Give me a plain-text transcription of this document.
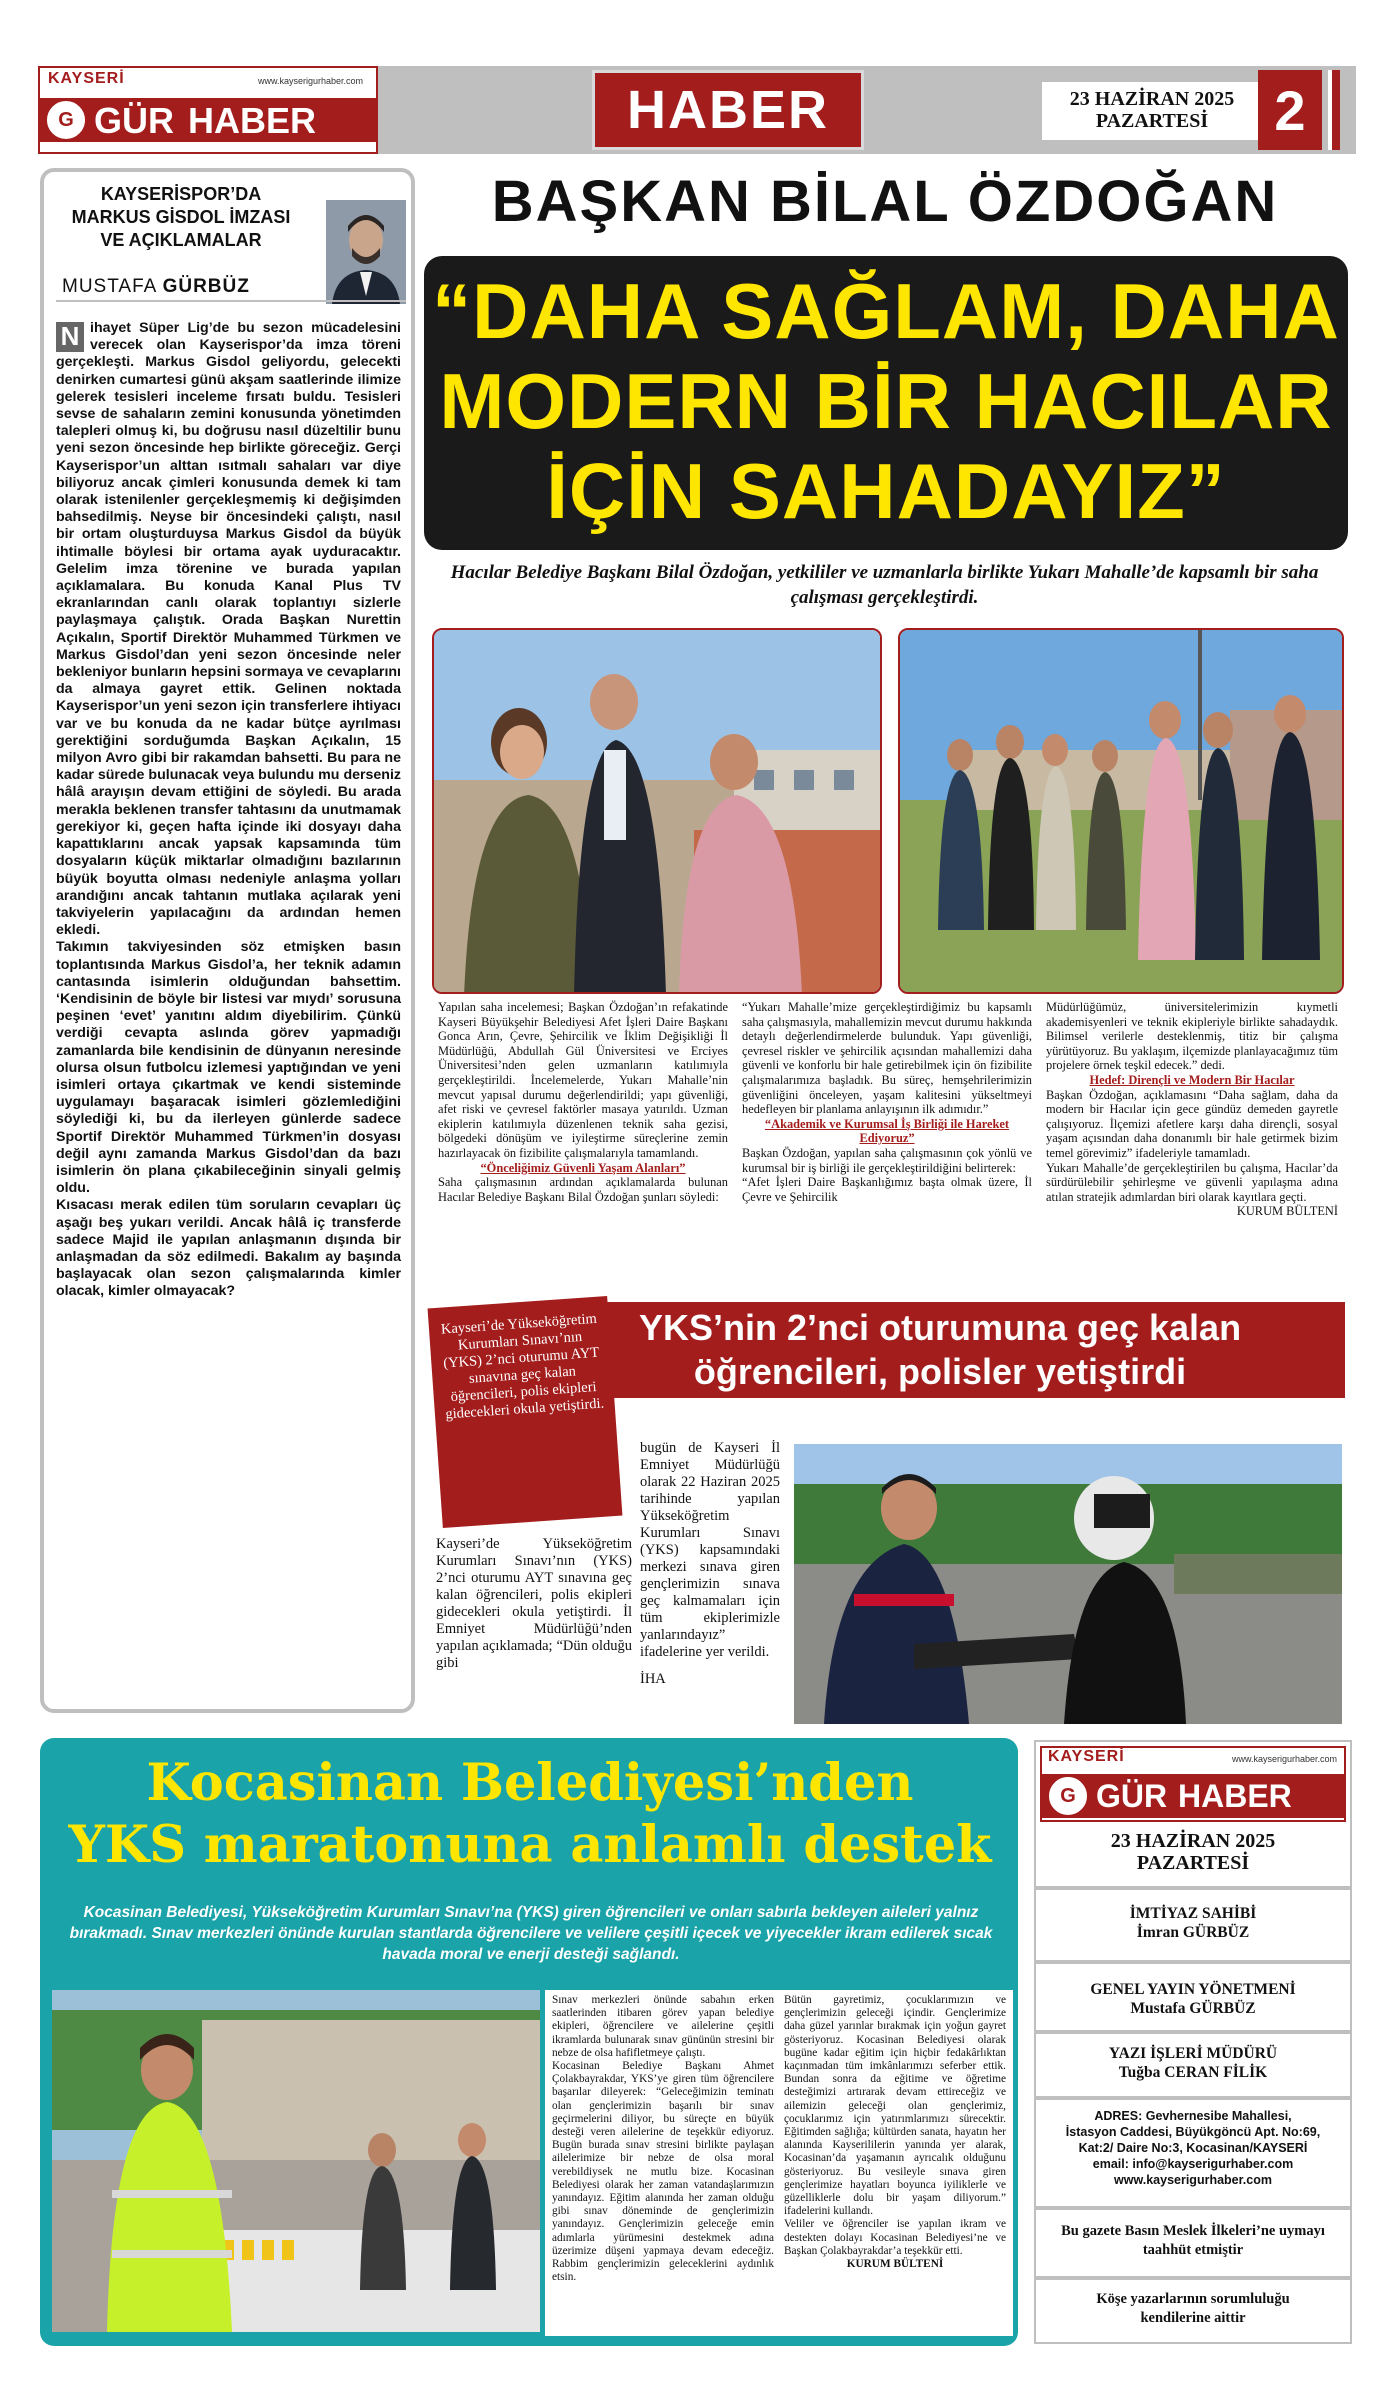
KAYSERİ	www.kayserigurhaber.com
G GÜR HABER	HABER	23 HAZİRAN 2025
PAZARTESİ	2
KAYSERİSPOR’DA
MARKUS GİSDOL İMZASI
VE AÇIKLAMALAR
MUSTAFA GÜRBÜZ
N ihayet Süper Lig’de bu sezon mücadelesini verecek olan Kayserispor’da imza töreni gerçekleşti. Markus Gisdol geliyordu, gelecekti denirken cumartesi günü akşam saatlerinde ilimize gelerek tesisleri inceleme fırsatı buldu. Tesisleri sevse de sahaların zemini konusunda yönetimden talepleri olmuş ki, bu doğrusu nasıl düzeltilir bunu yeni sezon öncesinde hep birlikte göreceğiz. Gerçi Kayserispor’un alttan ısıtmalı sahaları var diye biliyoruz ancak çimleri konusunda demek ki tam olarak istenilenler gerçekleşmemiş ki değişimden bahsedilmiş. Neyse bir öncesindeki çalıştı, nasıl bir ortam oluşturduysa Markus Gisdol da büyük ihtimalle böylesi bir ortama ayak uyduracaktır. Gelelim imza törenine ve burada yapılan açıklamalara. Bu konuda Kanal Plus TV ekranlarından canlı olarak toplantıyı sizlerle paylaşmaya çalıştık. Orada Başkan Nurettin Açıkalın, Sportif Direktör Muhammed Türkmen ve Markus Gisdol’dan yeni sezon öncesinde neler bekleniyor bunların hepsini sormaya ve cevaplarını da almaya gayret ettik. Gelinen noktada Kayserispor’un yeni sezon için transferlere ihtiyacı var ve bu konuda da ne kadar bütçe ayrılması gerektiğini sorduğumda Başkan Açıkalın, 15 milyon Avro gibi bir rakamdan bahsetti. Bu para ne kadar sürede bulunacak veya bulundu mu derseniz hâlâ arayışın devam ettiğini de söyledi. Bu arada merakla beklenen transfer tahtasını da unutmamak gerekiyor ki, geçen hafta içinde iki dosyayı daha kapattıklarını ancak yapsak kapsamında tüm dosyaların küçük miktarlar olmadığını bazılarının büyük boyutta olması nedeniyle anlaşma yolları arandığını ancak tahtanın mutlaka açılarak yeni takviyelerin yapılacağını da ardından hemen ekledi.
Takımın takviyesinden söz etmişken basın toplantısında Markus Gisdol’a, her teknik adamın cantasında isimlerin olduğundan bahsettim. ‘Kendisinin de böyle bir listesi var mıydı’ sorusuna peşinen ‘evet’ yanıtını aldım diyebilirim. Çünkü verdiği cevapta aslında görev yapmadığı zamanlarda bile kendisinin de dünyanın neresinde olursa olsun futbolcu izlemesi yaptığından ve yeni isimleri ortaya çıkartmak ve kendi sisteminde uygulamayı başaracak isimleri gözlemlediğini söylediği ki, bu da ilerleyen günlerde sadece Sportif Direktör Muhammed Türkmen’in dosyası değil aynı zamanda Markus Gisdol’dan da bazı isimlerin ön plana çıkabileceğinin sinyali gelmiş oldu.
Kısacası merak edilen tüm soruların cevapları üç aşağı beş yukarı verildi. Ancak hâlâ iç transferde sadece Majid ile yapılan anlaşmanın dışında bir anlaşmadan da söz edilmedi. Bakalım ay başında başlayacak olan sezon çalışmalarında kimler olacak, kimler olmayacak?
BAŞKAN BİLAL ÖZDOĞAN
“DAHA SAĞLAM, DAHA
MODERN BİR HACILAR
İÇİN SAHADAYIZ”
Hacılar Belediye Başkanı Bilal Özdoğan, yetkililer ve uzmanlarla birlikte Yukarı Mahalle’de kapsamlı bir saha çalışması gerçekleştirdi.
Yapılan saha incelemesi; Başkan Özdoğan’ın refakatinde Kayseri Büyükşehir Belediyesi Afet İşleri Daire Başkanı Gonca Arın, Çevre, Şehircilik ve İklim Değişikliği İl Müdürlüğü, Abdullah Gül Üniversitesi ve Erciyes Üniversitesi’nden gelen uzmanların katılımıyla gerçekleştirildi. İncelemelerde, Yukarı Mahalle’nin mevcut yapısal durumu değerlendirildi; yapı güvenliği, afet riski ve çevresel faktörler masaya yatırıldı. Uzman ekiplerin katılımıyla düzenlenen teknik saha gezisi, bölgedeki dönüşüm ve iyileştirme süreçlerine zemin hazırlayacak ön fizibilite çalışmalarıyla tamamlandı.
“Önceliğimiz Güvenli Yaşam Alanları”
Saha çalışmasının ardından açıklamalarda bulunan Hacılar Belediye Başkanı Bilal Özdoğan şunları söyledi:
“Yukarı Mahalle’mize gerçekleştirdiğimiz bu kapsamlı saha çalışmasıyla, mahallemizin mevcut durumu hakkında detaylı değerlendirmelerde bulunduk. Yapı güvenliği, çevresel riskler ve şehircilik açısından mahallemizi daha güvenli ve konforlu bir hale getirebilmek için ön fizibilite çalışmalarımıza başladık. Bu süreç, hemşehrilerimizin güvenliğini önceleyen, yaşam kalitesini yükseltmeyi hedefleyen bir planlama anlayışının ilk adımıdır.”
“Akademik ve Kurumsal İş Birliği ile Hareket Ediyoruz”
Başkan Özdoğan, yapılan saha çalışmasının çok yönlü ve kurumsal bir iş birliği ile gerçekleştirildiğini belirterek:
“Afet İşleri Daire Başkanlığımız başta olmak üzere, İl Çevre ve Şehircilik
Müdürlüğümüz, üniversitelerimizin kıymetli akademisyenleri ve teknik ekipleriyle birlikte sahadaydık. Bilimsel verilerle desteklenmiş, titiz bir çalışma yürütüyoruz. Bu yaklaşım, ilçemizde planlayacağımız tüm projelere örnek teşkil edecek.” dedi.
Hedef: Dirençli ve Modern Bir Hacılar
Başkan Özdoğan, açıklamasını “Daha sağlam, daha da modern bir Hacılar için gece gündüz demeden gayretle çalışıyoruz. İlçemizi afetlere karşı daha dirençli, sosyal yaşam açısından daha donanımlı bir hale getirmek bizim temel görevimiz” ifadeleriyle tamamladı.
Yukarı Mahalle’de gerçekleştirilen bu çalışma, Hacılar’da sürdürülebilir şehirleşme ve güvenli yapılaşma adına atılan stratejik adımlardan biri olarak kayıtlara geçti.
KURUM BÜLTENİ
YKS’nin 2’nci oturumuna geç kalan
öğrencileri, polisler yetiştirdi
Kayseri’de Yükseköğretim Kurumları Sınavı’nın (YKS) 2’nci oturumu AYT sınavına geç kalan öğrencileri, polis ekipleri gidecekleri okula yetiştirdi.
Kayseri’de Yükseköğretim Kurumları Sınavı’nın (YKS) 2’nci oturumu AYT sınavına geç kalan öğrencileri, polis ekipleri gidecekleri okula yetiştirdi. İl Emniyet Müdürlüğü’nden yapılan açıklamada; “Dün olduğu gibi
bugün de Kayseri İl Emniyet Müdürlüğü olarak 22 Haziran 2025 tarihinde yapılan Yükseköğretim Kurumları Sınavı (YKS) kapsamındaki merkezi sınava giren gençlerimizin sınava geç kalmamaları için tüm ekiplerimizle yanlarındayız” ifadelerine yer verildi.
İHA
Kocasinan Belediyesi’nden
YKS maratonuna anlamlı destek
Kocasinan Belediyesi, Yükseköğretim Kurumları Sınavı’na (YKS) giren öğrencileri ve onları sabırla bekleyen aileleri yalnız bırakmadı. Sınav merkezleri önünde kurulan stantlarda öğrencilere ve velilere çeşitli içecek ve yiyecekler ikram edilerek sıcak havada moral ve enerji desteği sağlandı.
Sınav merkezleri önünde sabahın erken saatlerinden itibaren görev yapan belediye ekipleri, öğrencilere ve ailelerine çeşitli ikramlarda bulunarak sınav gününün stresini bir nebze de olsa hafifletmeye çalıştı.
Kocasinan Belediye Başkanı Ahmet Çolakbayrakdar, YKS’ye giren tüm öğrencilere başarılar dileyerek: “Geleceğimizin teminatı olan gençlerimizin başarılı bir sınav geçirmelerini diliyor, bu süreçte en büyük desteği veren ailelerine de teşekkür ediyoruz. Bugün burada sınav stresini birlikte paylaşan ailelerimize bir nebze de olsa moral verebildiysek ne mutlu bize. Kocasinan Belediyesi olarak her zaman vatandaşlarımızın yanındayız. Eğitim alanında her zaman olduğu gibi sınav döneminde de gençlerimizin yanındayız. Gençlerimizin geleceğe emin adımlarla yürümesini destekmek adına üzerimize düşeni yapmaya devam edeceğiz. Rabbim gençlerimizin geleceklerini aydınlık etsin.
Bütün gayretimiz, çocuklarımızın ve gençlerimizin geleceği içindir. Gençlerimize daha güzel yarınlar bırakmak için yoğun gayret gösteriyoruz. Kocasinan Belediyesi olarak bugüne kadar eğitim için hiçbir fedakârlıktan kaçınmadan tüm imkânlarımızı seferber ettik. Bundan sonra da eğitime ve öğretime desteğimizi artırarak devam ettireceğiz ve ailemizin geleceği olan gençlerimiz, çocuklarımız için yatırımlarımızı sürecektir. Eğitimden sağlığa; kültürden sanata, hayatın her alanında Kayserililerin yanında yer alarak, Kocasinan’da yaşamanın ayrıcalık olduğunu gösteriyoruz. Bu vesileyle sınava giren gençlerimize hayatları boyunca iyiliklerle ve güzelliklerle dolu bir yaşam diliyorum.” ifadelerini kullandı.
Veliler ve öğrenciler ise yapılan ikram ve destekten dolayı Kocasinan Belediyesi’ne ve Başkan Çolakbayrakdar’a teşekkür etti.
KURUM BÜLTENİ
KAYSERİ	www.kayserigurhaber.com
G GÜR HABER
23 HAZİRAN 2025
PAZARTESİ
İMTİYAZ SAHİBİ
İmran GÜRBÜZ
GENEL YAYIN YÖNETMENİ
Mustafa GÜRBÜZ
YAZI İŞLERİ MÜDÜRÜ
Tuğba CERAN FİLİK
ADRES: Gevhernesibe Mahallesi,
İstasyon Caddesi, Büyükgöncü Apt. No:69,
Kat:2/ Daire No:3, Kocasinan/KAYSERİ
email: info@kayserigurhaber.com
www.kayserigurhaber.com
Bu gazete Basın Meslek İlkeleri’ne uymayı taahhüt etmiştir
Köşe yazarlarının sorumluluğu kendilerine aittir
